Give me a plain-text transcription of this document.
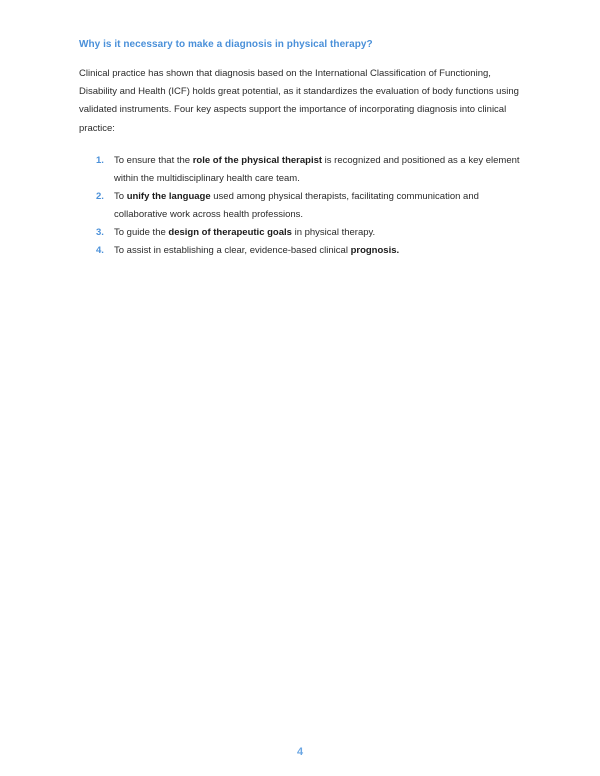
Why is it necessary to make a diagnosis in physical therapy?

Clinical practice has shown that diagnosis based on the International Classification of Functioning, Disability and Health (ICF) holds great potential, as it standardizes the evaluation of body functions using validated instruments. Four key aspects support the importance of incorporating diagnosis into clinical practice:

1. To ensure that the role of the physical therapist is recognized and positioned as a key element within the multidisciplinary health care team.
2. To unify the language used among physical therapists, facilitating communication and collaborative work across health professions.
3. To guide the design of therapeutic goals in physical therapy.
4. To assist in establishing a clear, evidence-based clinical prognosis.
4
